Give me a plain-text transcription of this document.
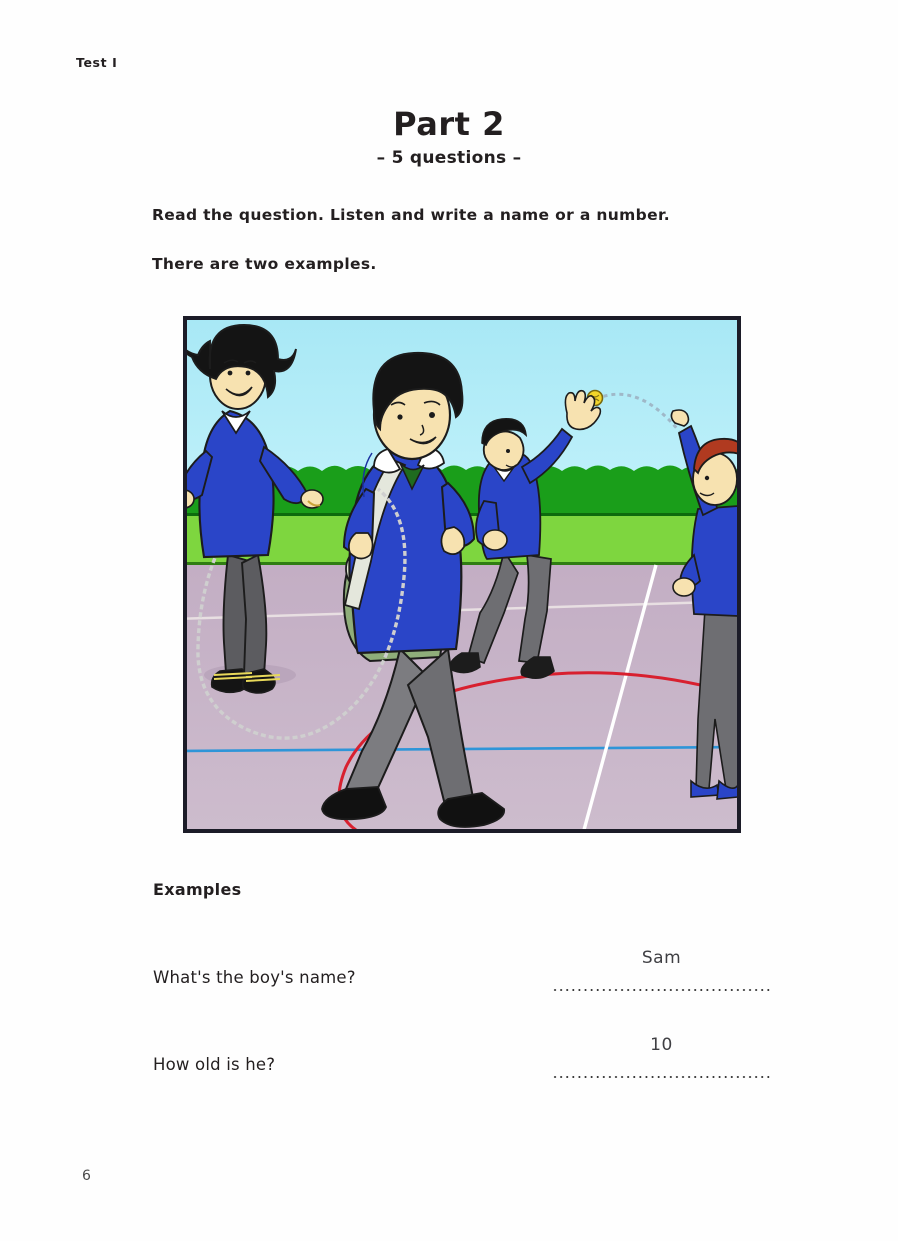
Test I
Part 2
– 5 questions –
Read the question. Listen and write a name or a number.
There are two examples.
Examples
What's the boy's name?
Sam
How old is he?
10
6
